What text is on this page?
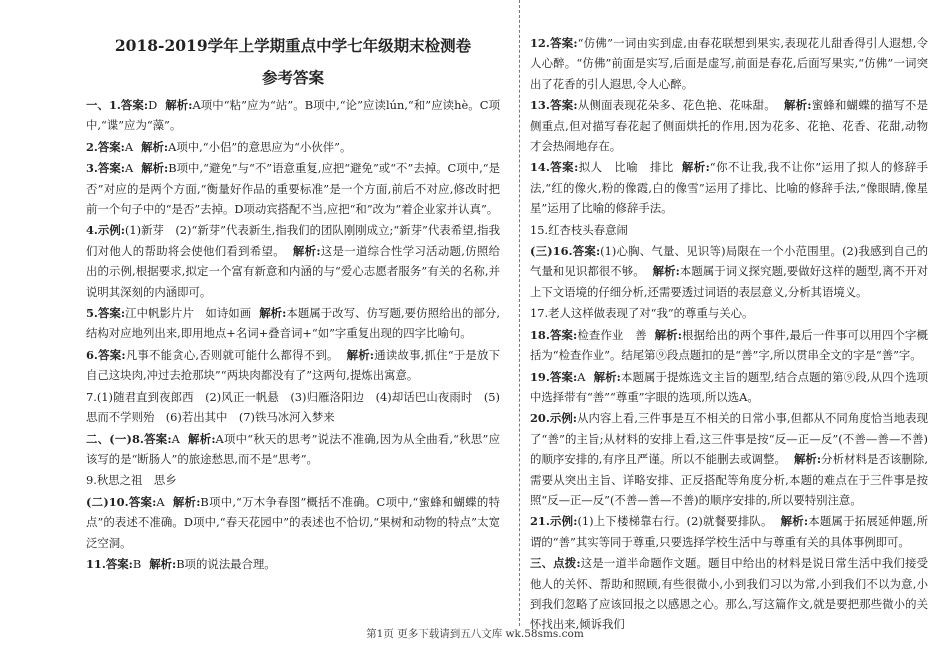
2018-2019学年上学期重点中学七年级期末检测卷
参考答案

一、1.答案:D 解析:A项中“粘”应为“站”。B项中,“论”应读lún,“和”应读hè。C项中,“谍”应为“藻”。

2.答案:A 解析:A项中,“小侣”的意思应为“小伙伴”。

3.答案:A 解析:B项中,“避免”与“不”语意重复,应把“避免”或“不”去掉。C项中,“是否”对应的是两个方面,“衡量好作品的重要标准”是一个方面,前后不对应,修改时把前一个句子中的“是否”去掉。D项动宾搭配不当,应把“和”改为“着企业家并认真”。

4.示例:(1)新芽　(2)“新芽”代表新生,指我们的团队刚刚成立;“新芽”代表希望,指我们对他人的帮助将会使他们看到希望。 解析:这是一道综合性学习活动题,仿照给出的示例,根据要求,拟定一个富有新意和内涵的与“爱心志愿者服务”有关的名称,并说明其深刻的内涵即可。

5.答案:江中帆影片片　如诗如画 解析:本题属于改写、仿写题,要仿照给出的部分,结构对应地列出来,即用地点+名词+叠音词+“如”字重复出现的四字比喻句。

6.答案:凡事不能贪心,否则就可能什么都得不到。 解析:通读故事,抓住“于是放下自己这块肉,冲过去抢那块”“两块肉都没有了”这两句,提炼出寓意。

7.(1)随君直到夜郎西　(2)风正一帆悬　(3)归雁洛阳边　(4)却话巴山夜雨时　(5)思而不学则殆　(6)若出其中　(7)铁马冰河入梦来

二、(一)8.答案:A 解析:A项中“秋天的思考”说法不准确,因为从全曲看,“秋思”应该写的是“断肠人”的旅途愁思,而不是“思考”。

9.秋思之祖　思乡

(二)10.答案:A 解析:B项中,“万木争春图”概括不准确。C项中,“蜜蜂和蝴蝶的特点”的表述不准确。D项中,“春天花园中”的表述也不恰切,“果树和动物的特点”太宽泛空洞。

11.答案:B 解析:B项的说法最合理。

12.答案:“仿佛”一词由实到虚,由春花联想到果实,表现花儿甜香得引人遐想,令人心醉。“仿佛”前面是实写,后面是虚写,前面是春花,后面写果实,“仿佛”一词突出了花香的引人遐思,令人心醉。

13.答案:从侧面表现花朵多、花色艳、花味甜。 解析:蜜蜂和蝴蝶的描写不是侧重点,但对描写春花起了侧面烘托的作用,因为花多、花艳、花香、花甜,动物才会热闹地存在。

14.答案:拟人　比喻　排比 解析:“你不让我,我不让你”运用了拟人的修辞手法,“红的像火,粉的像霞,白的像雪”运用了排比、比喻的修辞手法,“像眼睛,像星星”运用了比喻的修辞手法。

15.红杏枝头春意闹

(三)16.答案:(1)心胸、气量、见识等)局限在一个小范围里。(2)我感到自己的气量和见识都很不够。 解析:本题属于词义探究题,要做好这样的题型,离不开对上下文语境的仔细分析,还需要透过词语的表层意义,分析其语境义。

17.老人这样做表现了对“我”的尊重与关心。

18.答案:检查作业　善 解析:根据给出的两个事件,最后一件事可以用四个字概括为“检查作业”。结尾第⑨段点题扣的是“善”字,所以贯串全文的字是“善”字。

19.答案:A 解析:本题属于提炼选文主旨的题型,结合点题的第⑨段,从四个选项中选择带有“善”“尊重”字眼的选项,所以选A。

20.示例:从内容上看,三件事是互不相关的日常小事,但都从不同角度恰当地表现了“善”的主旨;从材料的安排上看,这三件事是按“反—正—反”(不善—善—不善)的顺序安排的,有序且严谨。所以不能删去或调整。 解析:分析材料是否该删除,需要从突出主旨、详略安排、正反搭配等角度分析,本题的难点在于三件事是按照“反—正—反”(不善—善—不善)的顺序安排的,所以要特别注意。

21.示例:(1)上下楼梯靠右行。(2)就餐要排队。 解析:本题属于拓展延伸题,所谓的“善”其实等同于尊重,只要选择学校生活中与尊重有关的具体事例即可。

三、点拨:这是一道半命题作文题。题目中给出的材料是说日常生活中我们接受他人的关怀、帮助和照顾,有些很微小,小到我们习以为常,小到我们不以为意,小到我们忽略了应该回报之以感恩之心。那么,写这篇作文,就是要把那些微小的关怀找出来,倾诉我们

第1页 更多下载请到五八文库 wk.58sms.com
